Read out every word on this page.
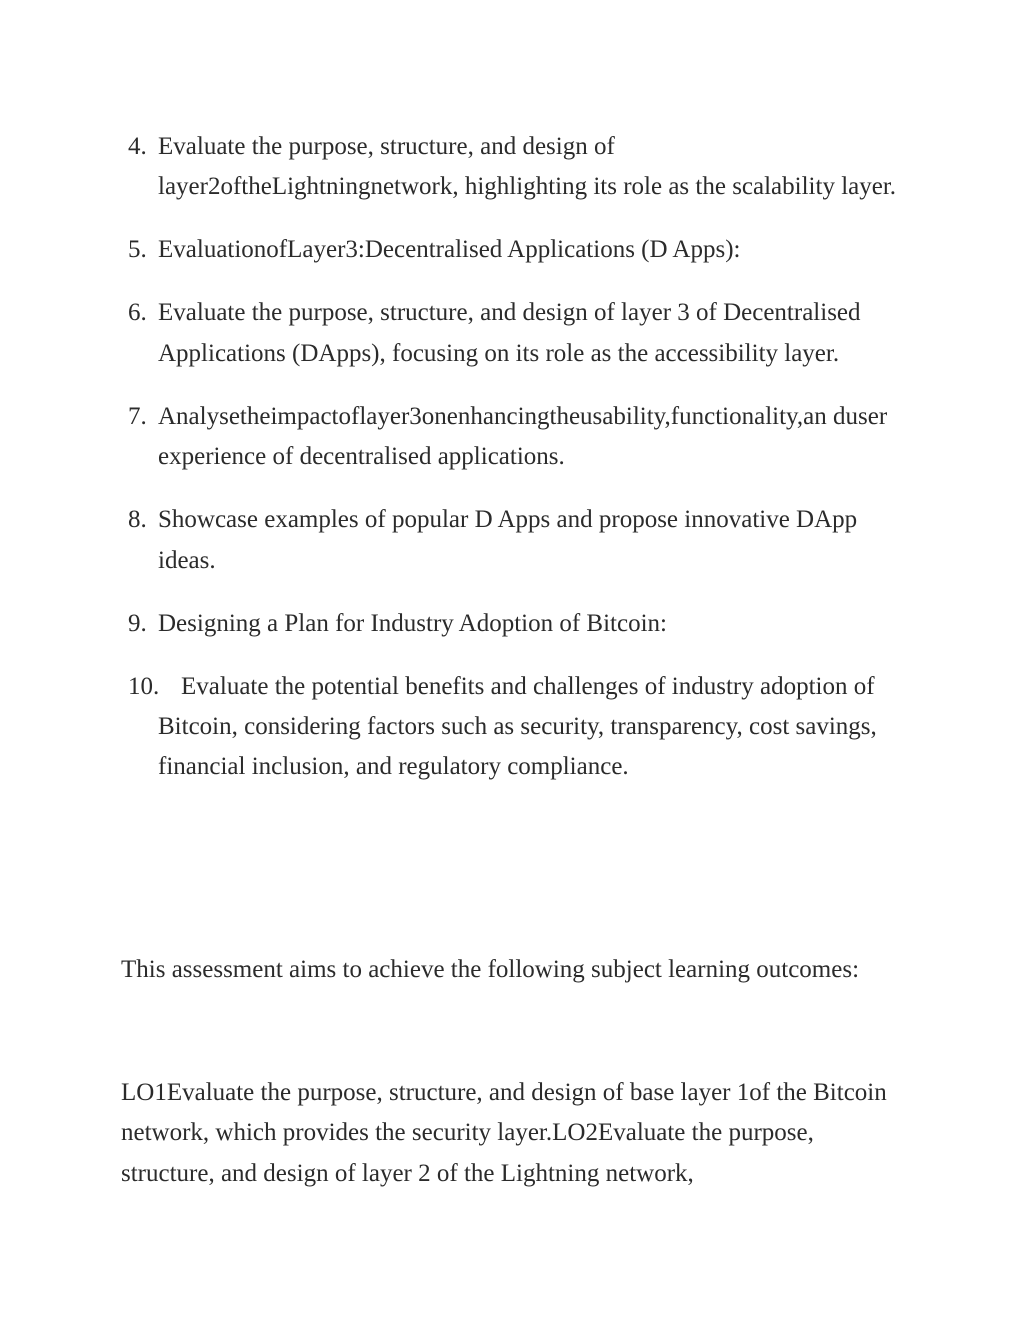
4. Evaluate the purpose, structure, and design of layer2oftheLightningnetwork, highlighting its role as the scalability layer.
5. EvaluationofLayer3:Decentralised Applications (D Apps):
6. Evaluate the purpose, structure, and design of layer 3 of Decentralised Applications (DApps), focusing on its role as the accessibility layer.
7. Analysetheimpactoflayer3onenhancingtheusability,functionality,an duser experience of decentralised applications.
8. Showcase examples of popular D Apps and propose innovative DApp ideas.
9. Designing a Plan for Industry Adoption of Bitcoin:
10. Evaluate the potential benefits and challenges of industry adoption of Bitcoin, considering factors such as security, transparency, cost savings, financial inclusion, and regulatory compliance.

This assessment aims to achieve the following subject learning outcomes:

LO1Evaluate the purpose, structure, and design of base layer 1of the Bitcoin network, which provides the security layer.LO2Evaluate the purpose, structure, and design of layer 2 of the Lightning network,
